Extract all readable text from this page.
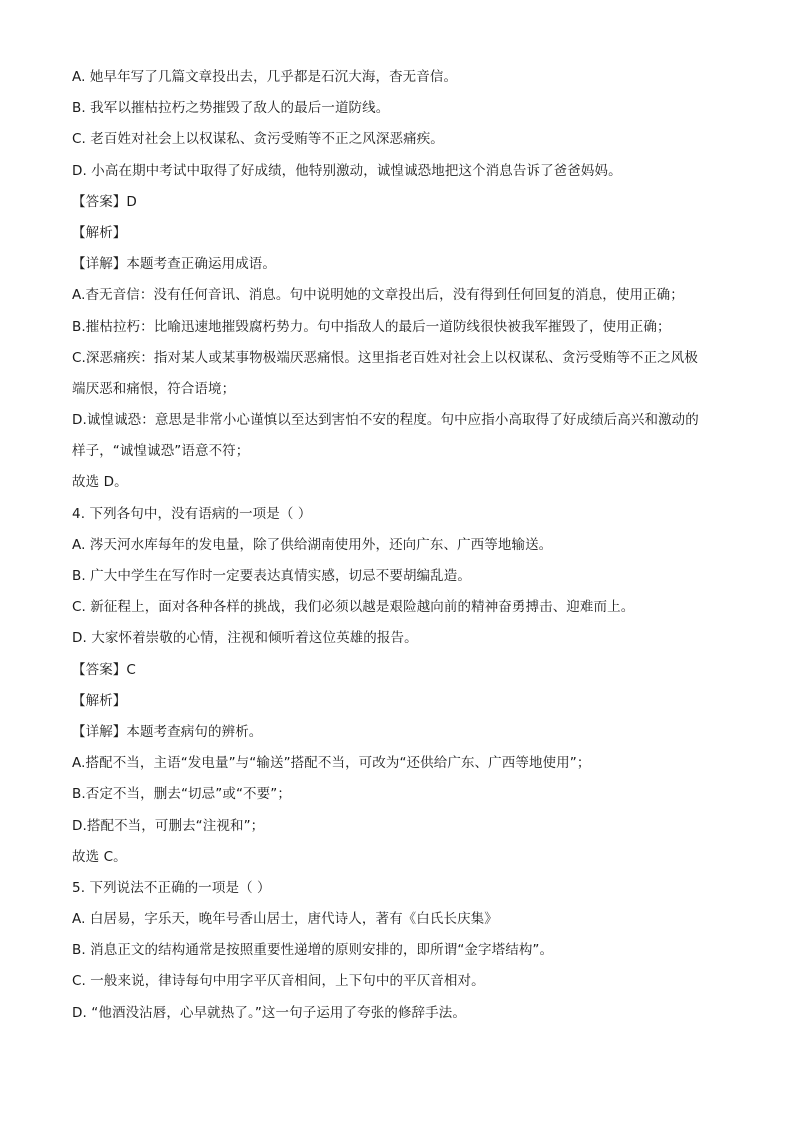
A. 她早年写了几篇文章投出去，几乎都是石沉大海，杳无音信。
B. 我军以摧枯拉朽之势摧毁了敌人的最后一道防线。
C. 老百姓对社会上以权谋私、贪污受贿等不正之风深恶痛疾。
D. 小高在期中考试中取得了好成绩，他特别激动，诚惶诚恐地把这个消息告诉了爸爸妈妈。
【答案】D
【解析】
【详解】本题考查正确运用成语。
A.杳无音信：没有任何音讯、消息。句中说明她的文章投出后，没有得到任何回复的消息，使用正确；
B.摧枯拉朽：比喻迅速地摧毁腐朽势力。句中指敌人的最后一道防线很快被我军摧毁了，使用正确；
C.深恶痛疾：指对某人或某事物极端厌恶痛恨。这里指老百姓对社会上以权谋私、贪污受贿等不正之风极
端厌恶和痛恨，符合语境；
D.诚惶诚恐：意思是非常小心谨慎以至达到害怕不安的程度。句中应指小高取得了好成绩后高兴和激动的
样子，“诚惶诚恐”语意不符；
故选 D。
4. 下列各句中，没有语病的一项是（ ）
A. 涔天河水库每年的发电量，除了供给湖南使用外，还向广东、广西等地输送。
B. 广大中学生在写作时一定要表达真情实感，切忌不要胡编乱造。
C. 新征程上，面对各种各样的挑战，我们必须以越是艰险越向前的精神奋勇搏击、迎难而上。
D. 大家怀着崇敬的心情，注视和倾听着这位英雄的报告。
【答案】C
【解析】
【详解】本题考查病句的辨析。
A.搭配不当，主语“发电量”与“输送”搭配不当，可改为“还供给广东、广西等地使用”；
B.否定不当，删去“切忌”或“不要”；
D.搭配不当，可删去“注视和”；
故选 C。
5. 下列说法不正确的一项是（ ）
A. 白居易，字乐天，晚年号香山居士，唐代诗人，著有《白氏长庆集》
B. 消息正文的结构通常是按照重要性递增的原则安排的，即所谓“金字塔结构”。
C. 一般来说，律诗每句中用字平仄音相间，上下句中的平仄音相对。
D. “他酒没沾唇，心早就热了。”这一句子运用了夸张的修辞手法。
